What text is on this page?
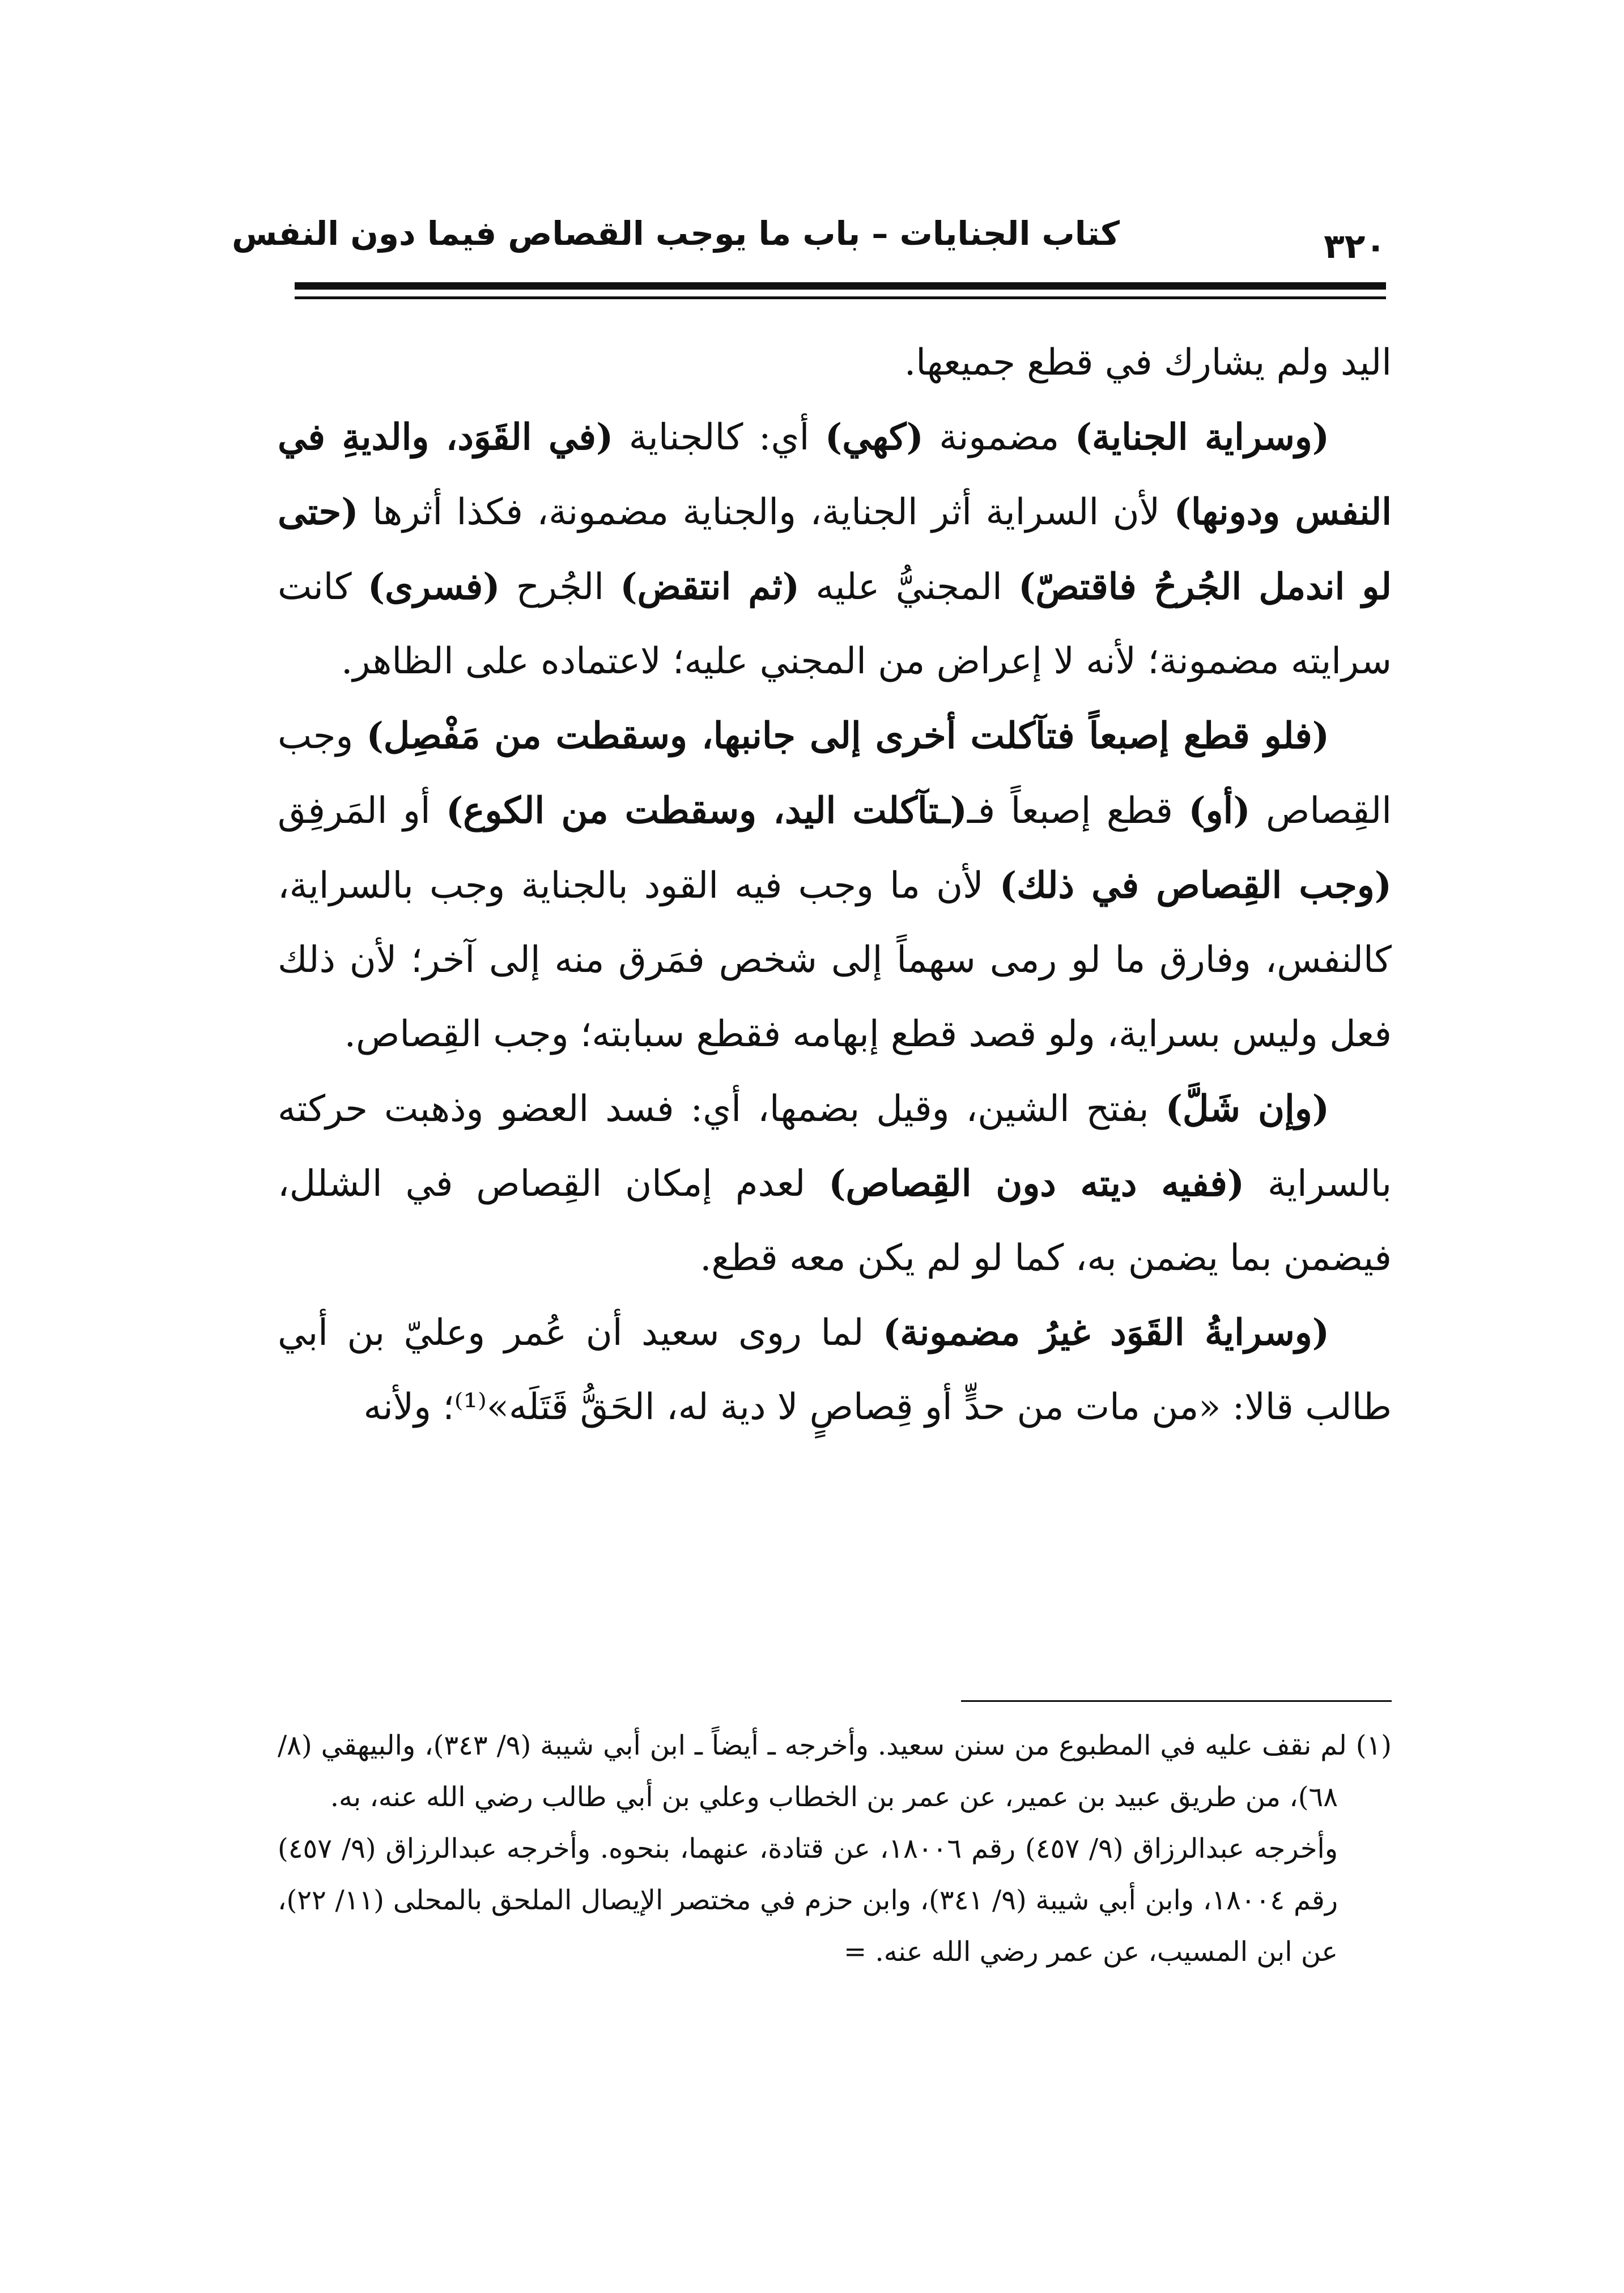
كتاب الجنايات – باب ما يوجب القصاص فيما دون النفس	٣٢٠

اليد ولم يشارك في قطع جميعها.

(وسراية الجناية) مضمونة (كهي) أي: كالجناية (في القَوَد، والديةِ في النفس ودونها) لأن السراية أثر الجناية، والجناية مضمونة، فكذا أثرها (حتى لو اندمل الجُرحُ فاقتصّ) المجنيُّ عليه (ثم انتقض) الجُرح (فسرى) كانت سرايته مضمونة؛ لأنه لا إعراض من المجني عليه؛ لاعتماده على الظاهر.

(فلو قطع إصبعاً فتآكلت أخرى إلى جانبها، وسقطت من مَفْصِل) وجب القِصاص (أو) قطع إصبعاً فـ(ـتآكلت اليد، وسقطت من الكوع) أو المَرفِق (وجب القِصاص في ذلك) لأن ما وجب فيه القود بالجناية وجب بالسراية، كالنفس، وفارق ما لو رمى سهماً إلى شخص فمَرق منه إلى آخر؛ لأن ذلك فعل وليس بسراية، ولو قصد قطع إبهامه فقطع سبابته؛ وجب القِصاص.

(وإن شَلَّ) بفتح الشين، وقيل بضمها، أي: فسد العضو وذهبت حركته بالسراية (ففيه ديته دون القِصاص) لعدم إمكان القِصاص في الشلل، فيضمن بما يضمن به، كما لو لم يكن معه قطع.

(وسرايةُ القَوَد غيرُ مضمونة) لما روى سعيد أن عُمر وعليّ بن أبي طالب قالا: «من مات من حدٍّ أو قِصاصٍ لا دية له، الحَقُّ قَتَلَه»⁽¹⁾؛ ولأنه

(١) لم نقف عليه في المطبوع من سنن سعيد. وأخرجه ـ أيضاً ـ ابن أبي شيبة (٩/ ٣٤٣)، والبيهقي (٨/ ٦٨)، من طريق عبيد بن عمير، عن عمر بن الخطاب وعلي بن أبي طالب رضي الله عنه، به.

وأخرجه عبدالرزاق (٩/ ٤٥٧) رقم ١٨٠٠٦، عن قتادة، عنهما، بنحوه. وأخرجه عبدالرزاق (٩/ ٤٥٧) رقم ١٨٠٠٤، وابن أبي شيبة (٩/ ٣٤١)، وابن حزم في مختصر الإيصال الملحق بالمحلى (١١/ ٢٢)، عن ابن المسيب، عن عمر رضي الله عنه. =
